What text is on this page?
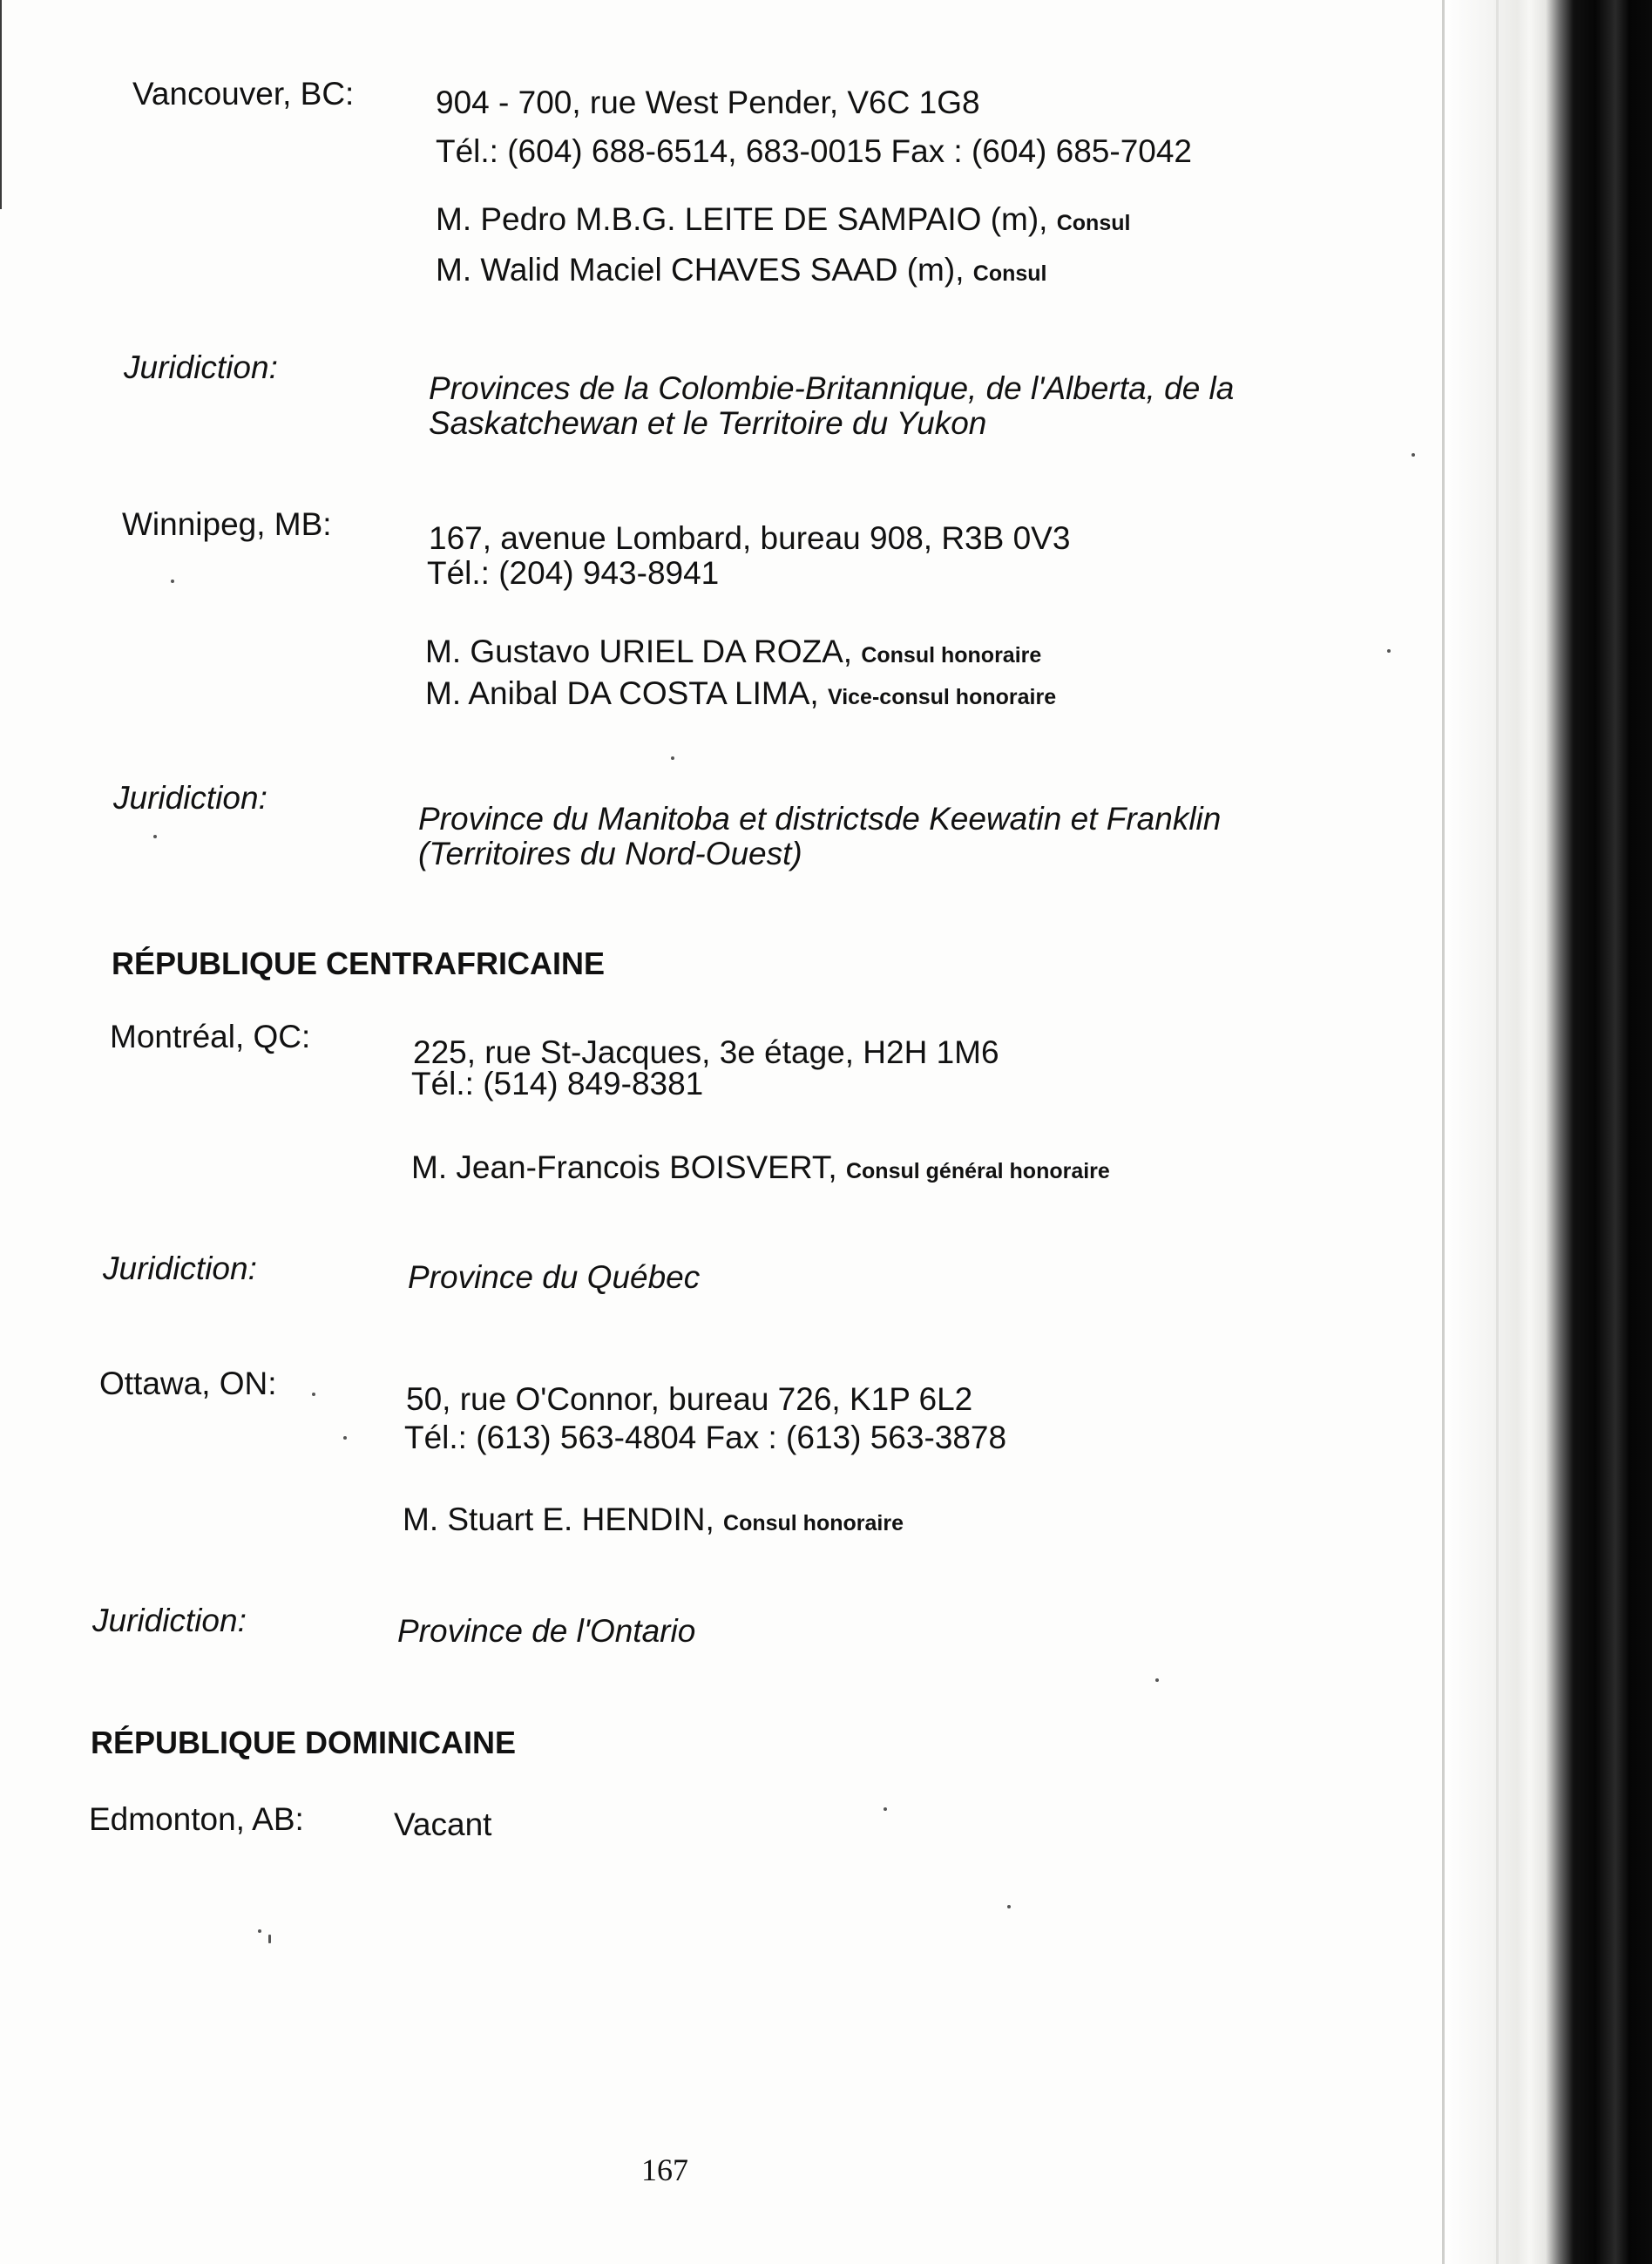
Vancouver, BC:	904 - 700, rue West Pender, V6C 1G8
Tél.: (604) 688-6514, 683-0015 Fax : (604) 685-7042
M. Pedro M.B.G. LEITE DE SAMPAIO (m), Consul
M. Walid Maciel CHAVES SAAD (m), Consul
Juridiction:
Provinces de la Colombie-Britannique, de l'Alberta, de la
Saskatchewan et le Territoire du Yukon
Winnipeg, MB:	167, avenue Lombard, bureau 908, R3B 0V3
Tél.: (204) 943-8941
M. Gustavo URIEL DA ROZA, Consul honoraire
M. Anibal DA COSTA LIMA, Vice-consul honoraire
Juridiction:
Province du Manitoba et districtsde Keewatin et Franklin
(Territoires du Nord-Ouest)
RÉPUBLIQUE CENTRAFRICAINE
Montréal, QC:	225, rue St-Jacques, 3e étage, H2H 1M6
Tél.: (514) 849-8381
M. Jean-Francois BOISVERT, Consul général honoraire
Juridiction:	Province du Québec
Ottawa, ON:	50, rue O'Connor, bureau 726, K1P 6L2
Tél.: (613) 563-4804 Fax : (613) 563-3878
M. Stuart E. HENDIN, Consul honoraire
Juridiction:	Province de l'Ontario
RÉPUBLIQUE DOMINICAINE
Edmonton, AB:	Vacant
167
